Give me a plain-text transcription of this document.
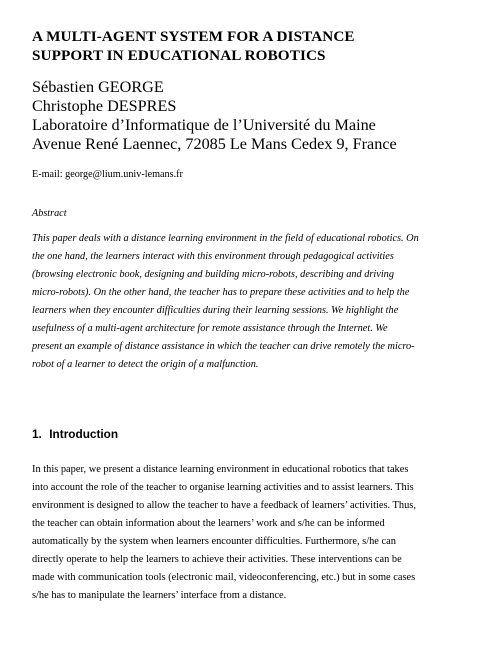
A MULTI-AGENT SYSTEM FOR A DISTANCE
SUPPORT IN EDUCATIONAL ROBOTICS
Sébastien GEORGE
Christophe DESPRES
Laboratoire d’Informatique de l’Université du Maine
Avenue René Laennec, 72085 Le Mans Cedex 9, France
E-mail: george@lium.univ-lemans.fr
Abstract
This paper deals with a distance learning environment in the field of educational robotics. On
the one hand, the learners interact with this environment through pedagogical activities
(browsing electronic book, designing and building micro-robots, describing and driving
micro-robots). On the other hand, the teacher has to prepare these activities and to help the
learners when they encounter difficulties during their learning sessions. We highlight the
usefulness of a multi-agent architecture for remote assistance through the Internet. We
present an example of distance assistance in which the teacher can drive remotely the micro-
robot of a learner to detect the origin of a malfunction.
1. Introduction
In this paper, we present a distance learning environment in educational robotics that takes
into account the role of the teacher to organise learning activities and to assist learners. This
environment is designed to allow the teacher to have a feedback of learners’ activities. Thus,
the teacher can obtain information about the learners’ work and s/he can be informed
automatically by the system when learners encounter difficulties. Furthermore, s/he can
directly operate to help the learners to achieve their activities. These interventions can be
made with communication tools (electronic mail, videoconferencing, etc.) but in some cases
s/he has to manipulate the learners’ interface from a distance.
